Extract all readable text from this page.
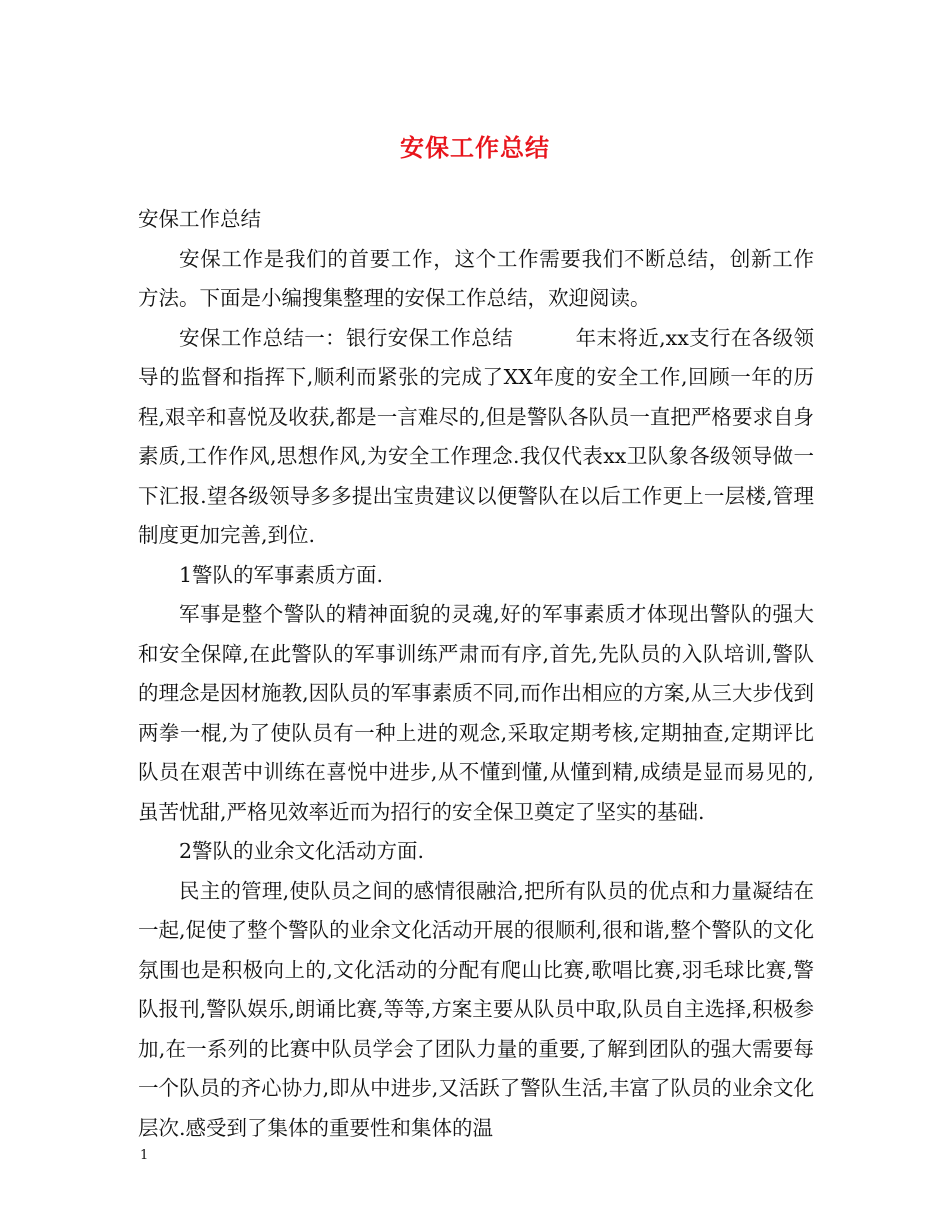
安保工作总结

安保工作总结

安保工作是我们的首要工作，这个工作需要我们不断总结，创新工作方法。下面是小编搜集整理的安保工作总结，欢迎阅读。

安保工作总结一：银行安保工作总结　　　年末将近,xx支行在各级领导的监督和指挥下,顺利而紧张的完成了XX年度的安全工作,回顾一年的历程,艰辛和喜悦及收获,都是一言难尽的,但是警队各队员一直把严格要求自身素质,工作作风,思想作风,为安全工作理念.我仅代表xx卫队象各级领导做一下汇报.望各级领导多多提出宝贵建议以便警队在以后工作更上一层楼,管理制度更加完善,到位.

1警队的军事素质方面.

军事是整个警队的精神面貌的灵魂,好的军事素质才体现出警队的强大和安全保障,在此警队的军事训练严肃而有序,首先,先队员的入队培训,警队的理念是因材施教,因队员的军事素质不同,而作出相应的方案,从三大步伐到两拳一棍,为了使队员有一种上进的观念,采取定期考核,定期抽查,定期评比队员在艰苦中训练在喜悦中进步,从不懂到懂,从懂到精,成绩是显而易见的,虽苦忧甜,严格见效率近而为招行的安全保卫奠定了坚实的基础.

2警队的业余文化活动方面.

民主的管理,使队员之间的感情很融洽,把所有队员的优点和力量凝结在一起,促使了整个警队的业余文化活动开展的很顺利,很和谐,整个警队的文化氛围也是积极向上的,文化活动的分配有爬山比赛,歌唱比赛,羽毛球比赛,警队报刊,警队娱乐,朗诵比赛,等等,方案主要从队员中取,队员自主选择,积极参加,在一系列的比赛中队员学会了团队力量的重要,了解到团队的强大需要每一个队员的齐心协力,即从中进步,又活跃了警队生活,丰富了队员的业余文化层次.感受到了集体的重要性和集体的温

1
